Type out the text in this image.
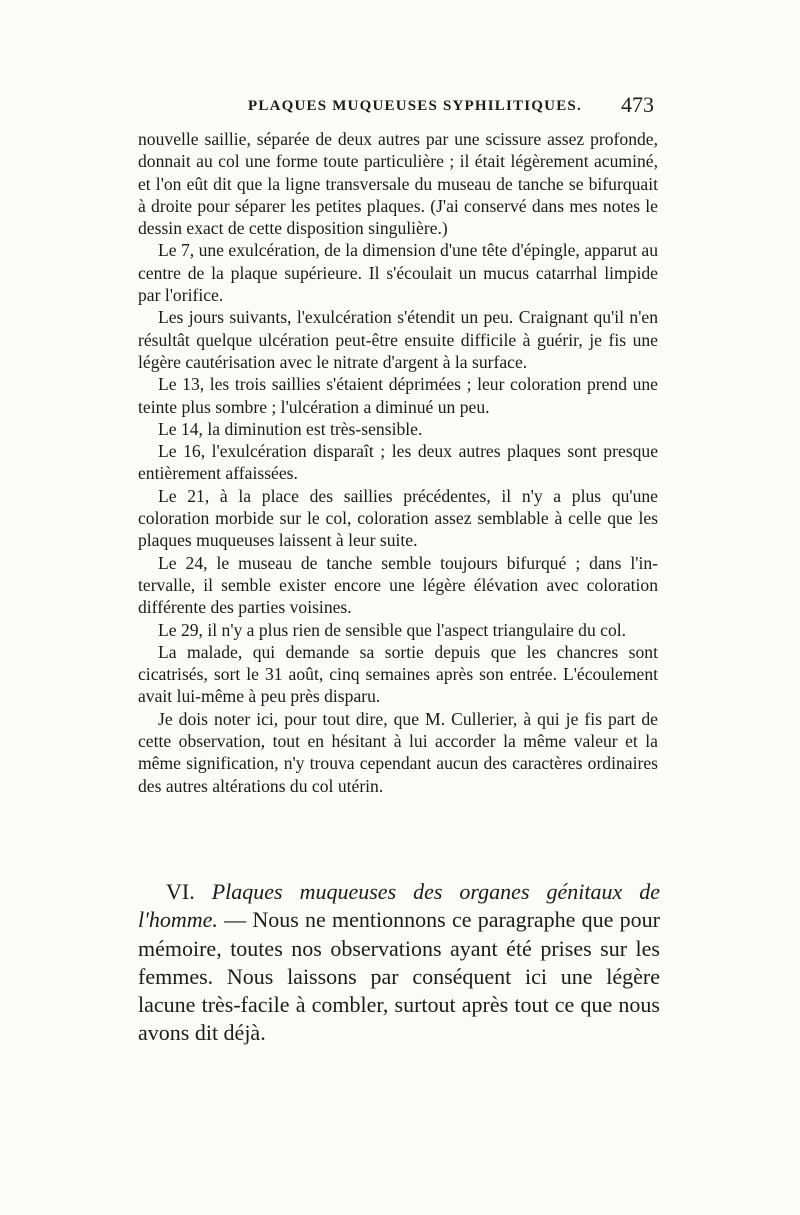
PLAQUES MUQUEUSES SYPHILITIQUES. 473

nouvelle saillie, séparée de deux autres par une scissure assez profonde, donnait au col une forme toute particulière ; il était légèrement acuminé, et l'on eût dit que la ligne transversale du museau de tanche se bifurquait à droite pour séparer les petites plaques. (J'ai conservé dans mes notes le dessin exact de cette disposition singulière.)

Le 7, une exulcération, de la dimension d'une tête d'épingle, apparut au centre de la plaque supérieure. Il s'écoulait un mucus catarrhal limpide par l'orifice.

Les jours suivants, l'exulcération s'étendit un peu. Craignant qu'il n'en résultât quelque ulcération peut-être ensuite difficile à guérir, je fis une légère cautérisation avec le nitrate d'argent à la surface.

Le 13, les trois saillies s'étaient déprimées ; leur coloration prend une teinte plus sombre ; l'ulcération a diminué un peu.

Le 14, la diminution est très-sensible.

Le 16, l'exulcération disparaît ; les deux autres plaques sont presque entièrement affaissées.

Le 21, à la place des saillies précédentes, il n'y a plus qu'une coloration morbide sur le col, coloration assez semblable à celle que les plaques muqueuses laissent à leur suite.

Le 24, le museau de tanche semble toujours bifurqué ; dans l'intervalle, il semble exister encore une légère élévation avec coloration différente des parties voisines.

Le 29, il n'y a plus rien de sensible que l'aspect triangulaire du col.

La malade, qui demande sa sortie depuis que les chancres sont cicatrisés, sort le 31 août, cinq semaines après son entrée. L'écoulement avait lui-même à peu près disparu.

Je dois noter ici, pour tout dire, que M. Cullerier, à qui je fis part de cette observation, tout en hésitant à lui accorder la même valeur et la même signification, n'y trouva cependant aucun des caractères ordinaires des autres altérations du col utérin.

VI. Plaques muqueuses des organes génitaux de l'homme. — Nous ne mentionnons ce paragraphe que pour mémoire, toutes nos observations ayant été prises sur les femmes. Nous laissons par conséquent ici une légère lacune très-facile à combler, surtout après tout ce que nous avons dit déjà.
